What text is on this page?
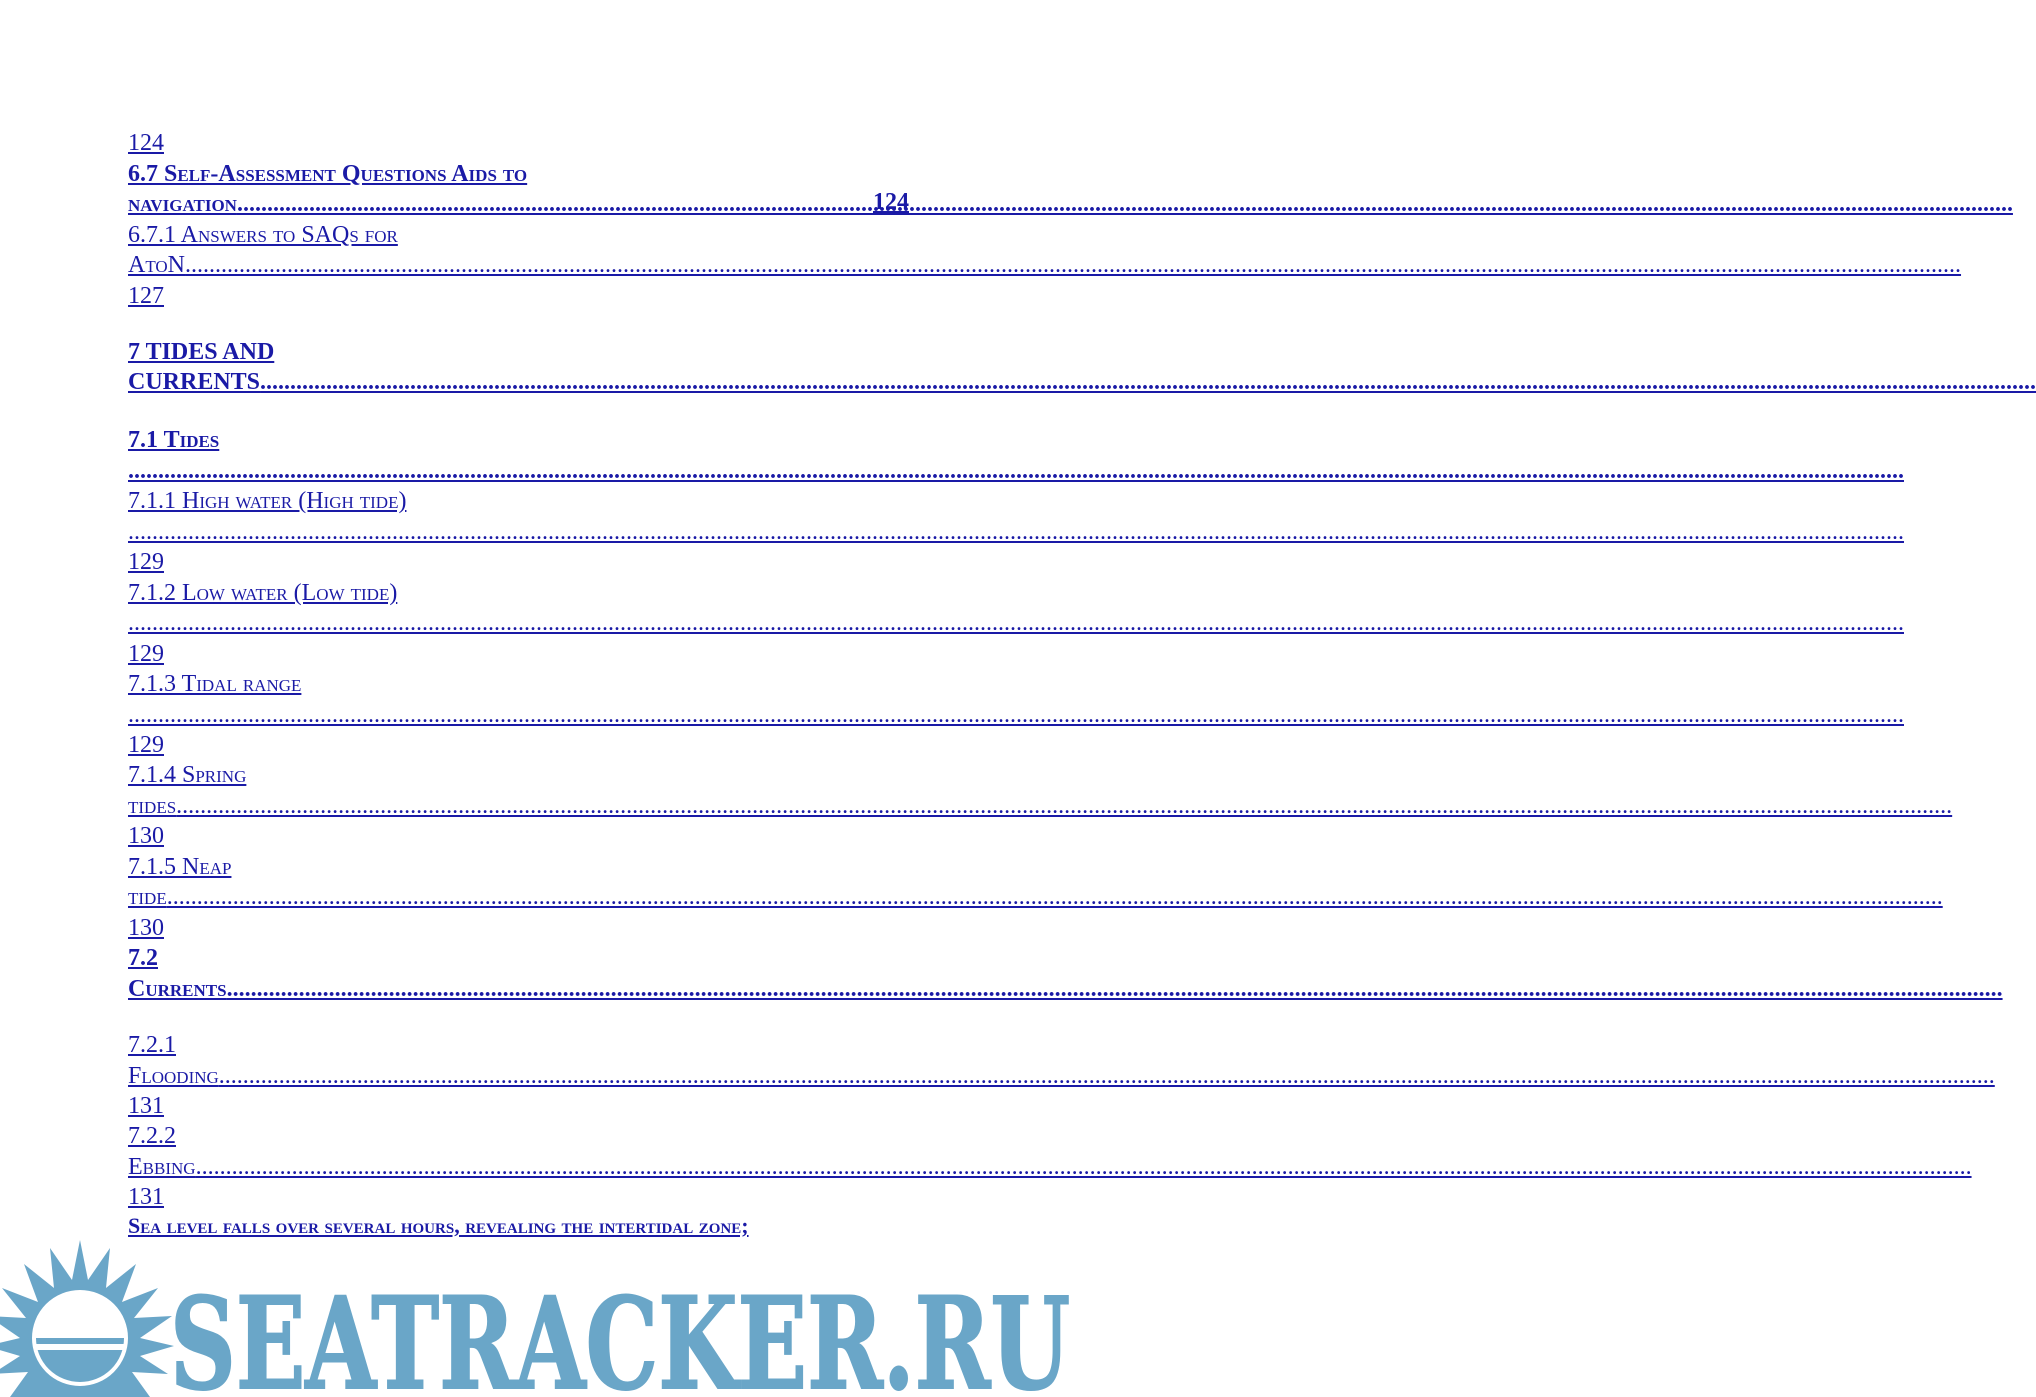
124
6.7 Self-Assessment Questions Aids to
navigation .....	124
6.7.1 Answers to SAQs for
AtoN .....
127
7 TIDES AND
CURRENTS .....
7.1 Tides
.....
7.1.1 High water (High tide)
.....
129
7.1.2 Low water (Low tide)
.....
129
7.1.3 Tidal range
.....
129
7.1.4 Spring
tides .....
130
7.1.5 Neap
tide .....
130
7.2
Currents .....
7.2.1
Flooding .....
131
7.2.2
Ebbing .....
131
Sea level falls over several hours, revealing the intertidal zone;
SEATRACKER.RU
